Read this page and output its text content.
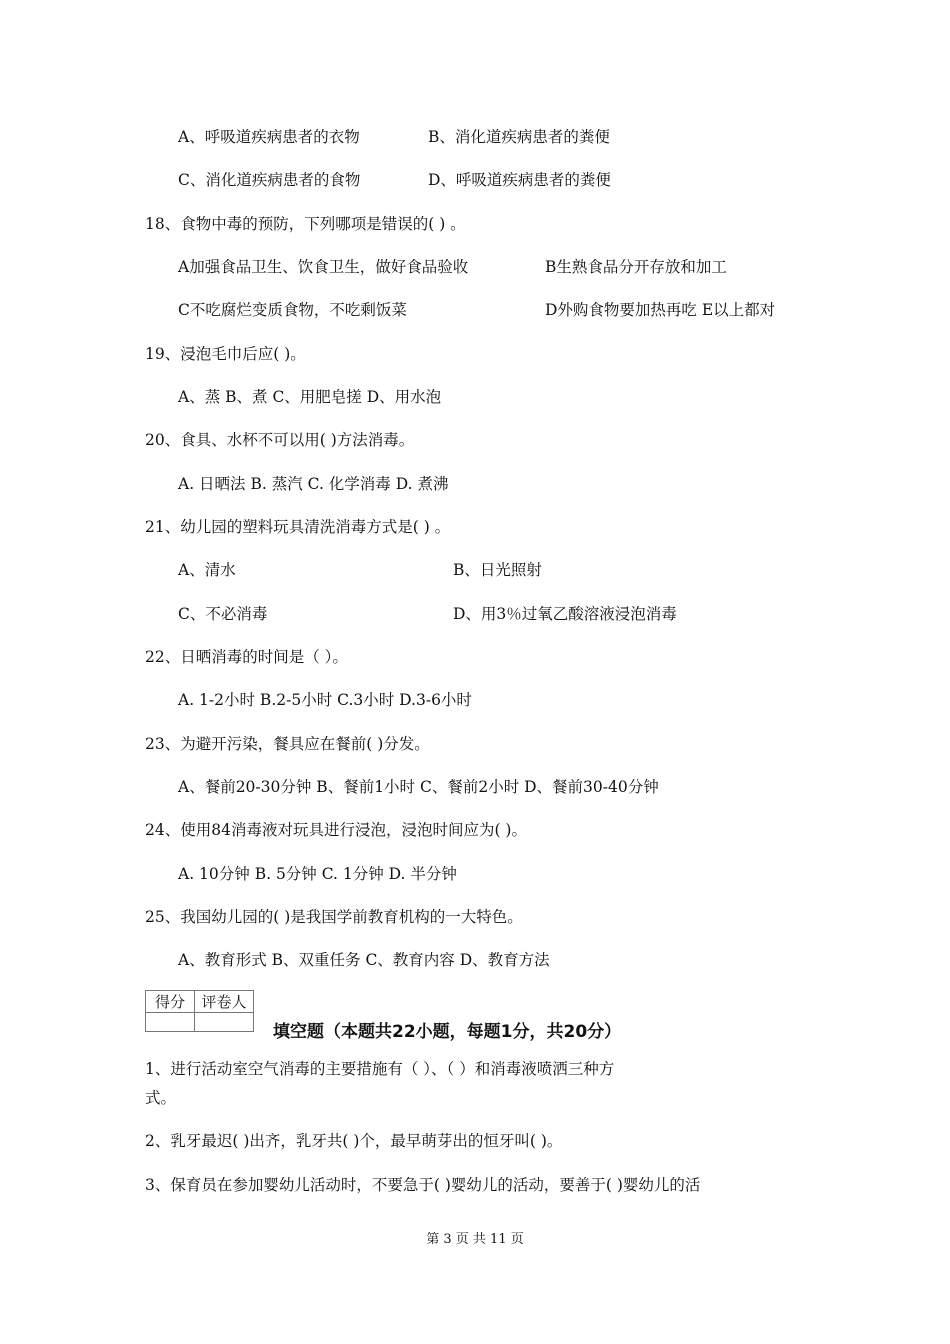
A、呼吸道疾病患者的衣物	B、消化道疾病患者的粪便
C、消化道疾病患者的食物	D、呼吸道疾病患者的粪便
18、食物中毒的预防，下列哪项是错误的( ) 。
A加强食品卫生、饮食卫生，做好食品验收	B生熟食品分开存放和加工
C不吃腐烂变质食物，不吃剩饭菜	D外购食物要加热再吃 E以上都对
19、浸泡毛巾后应( )。
A、蒸 B、煮 C、用肥皂搓 D、用水泡
20、食具、水杯不可以用( )方法消毒。
A. 日晒法 B. 蒸汽 C. 化学消毒 D. 煮沸
21、幼儿园的塑料玩具清洗消毒方式是( ) 。
A、清水	B、日光照射
C、不必消毒	D、用3％过氧乙酸溶液浸泡消毒
22、日晒消毒的时间是（ ）。
A. 1-2小时 B.2-5小时 C.3小时 D.3-6小时
23、为避开污染，餐具应在餐前( )分发。
A、餐前20-30分钟 B、餐前1小时 C、餐前2小时 D、餐前30-40分钟
24、使用84消毒液对玩具进行浸泡，浸泡时间应为( )。
A. 10分钟 B. 5分钟 C. 1分钟 D. 半分钟
25、我国幼儿园的( )是我国学前教育机构的一大特色。
A、教育形式 B、双重任务 C、教育内容 D、教育方法
得分	评卷人

填空题（本题共22小题，每题1分，共20分）
1、进行活动室空气消毒的主要措施有（ ）、（ ）和消毒液喷洒三种方
式。
2、乳牙最迟( )出齐，乳牙共( )个，最早萌芽出的恒牙叫( )。
3、保育员在参加婴幼儿活动时，不要急于( )婴幼儿的活动，要善于( )婴幼儿的活
第 3 页 共 11 页
